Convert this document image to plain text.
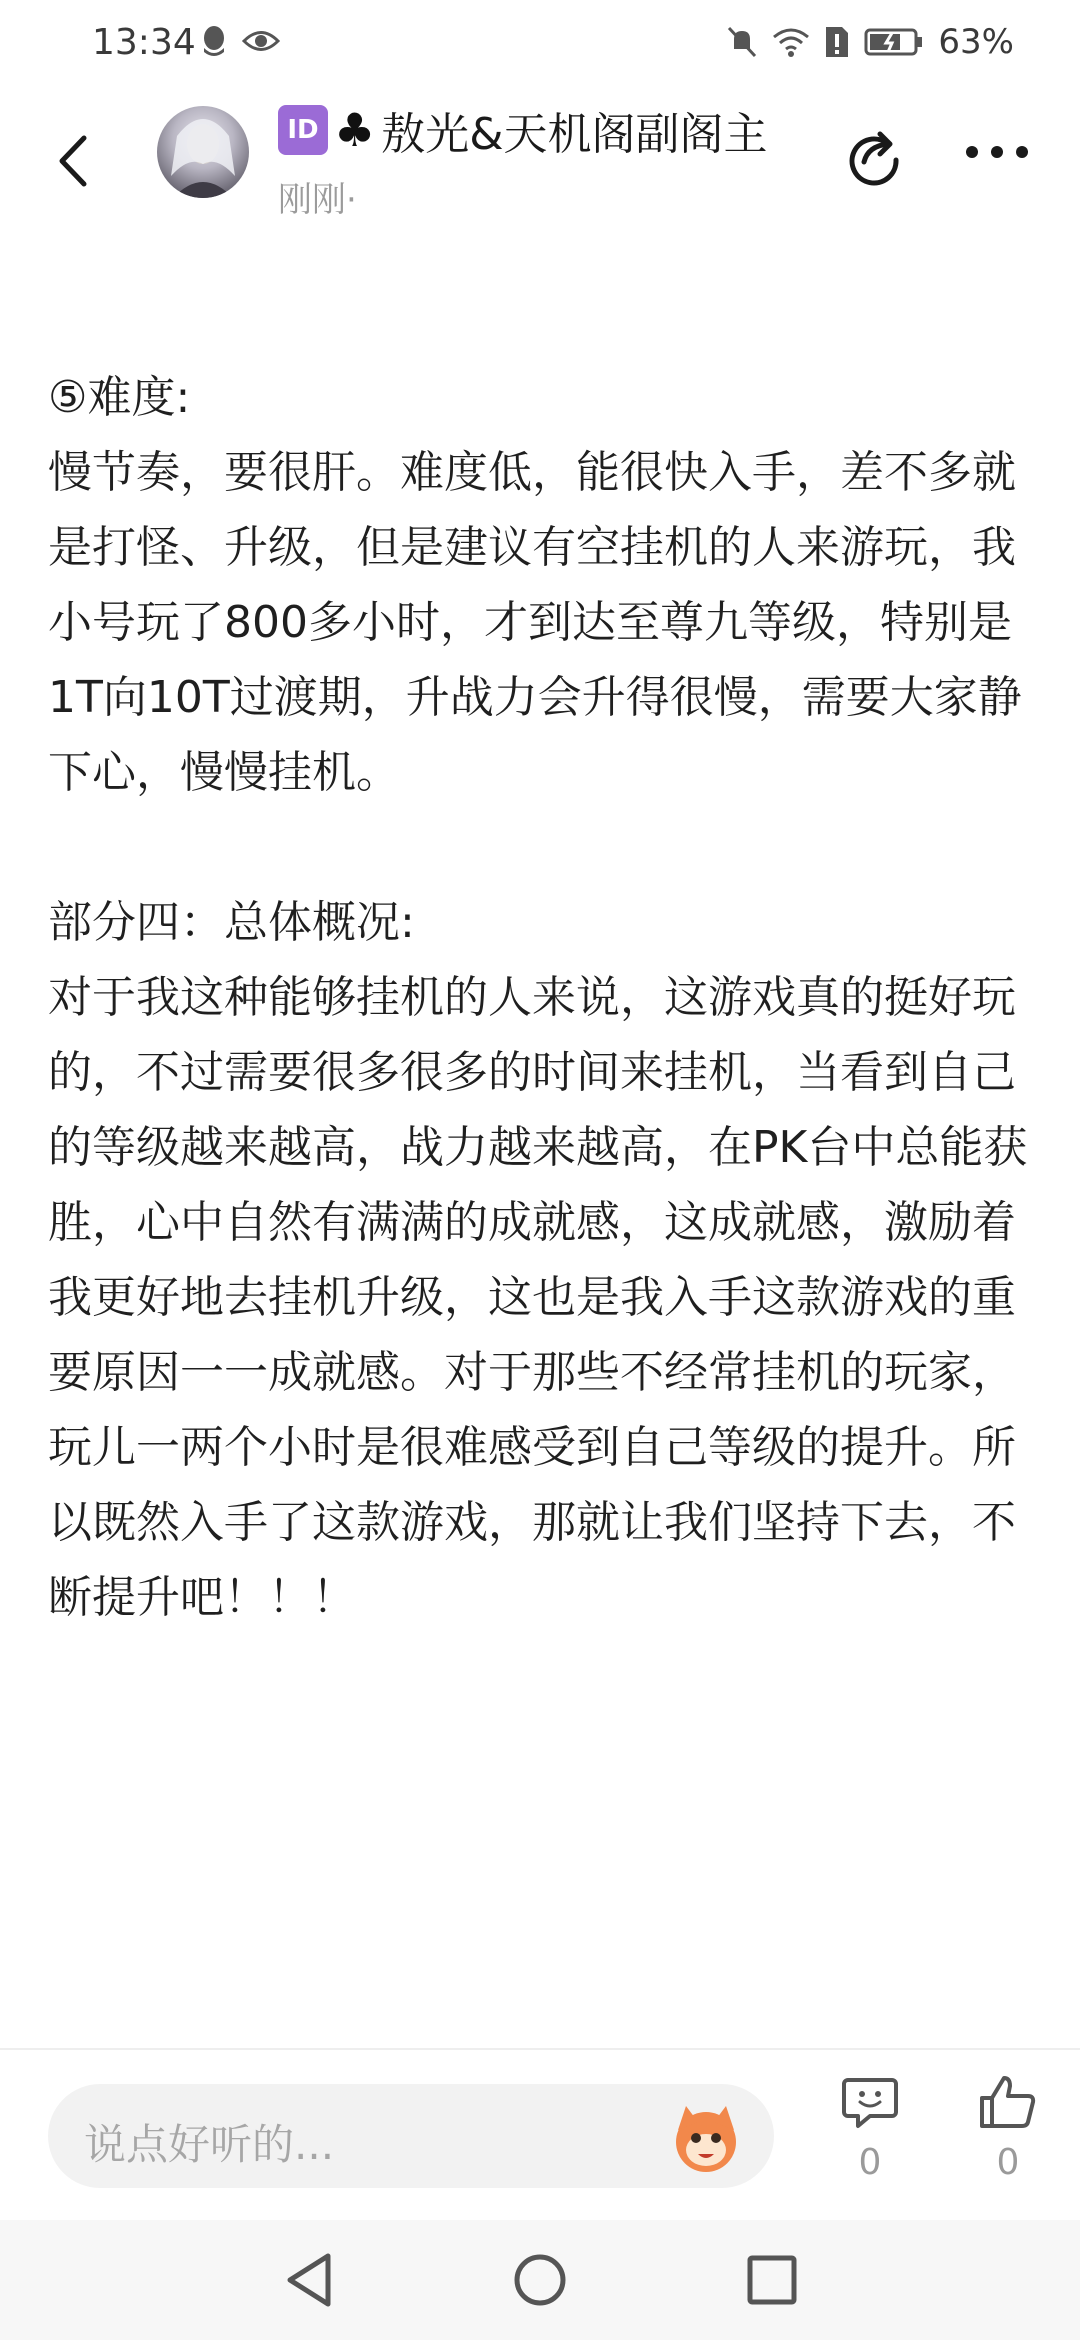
13:34	63%
ID ♣ 敖光&天机阁副阁主
刚刚·

⑤难度:

慢节奏，要很肝。难度低，能很快入手，差不多就是打怪、升级，但是建议有空挂机的人来游玩，我小号玩了800多小时，才到达至尊九等级，特别是1T向10T过渡期，升战力会升得很慢，需要大家静下心，慢慢挂机。

部分四：总体概况:

对于我这种能够挂机的人来说，这游戏真的挺好玩的，不过需要很多很多的时间来挂机，当看到自己的等级越来越高，战力越来越高，在PK台中总能获胜，心中自然有满满的成就感，这成就感，激励着我更好地去挂机升级，这也是我入手这款游戏的重要原因一一成就感。对于那些不经常挂机的玩家，玩儿一两个小时是很难感受到自己等级的提升。所以既然入手了这款游戏，那就让我们坚持下去，不断提升吧！！！

说点好听的...	0	0
